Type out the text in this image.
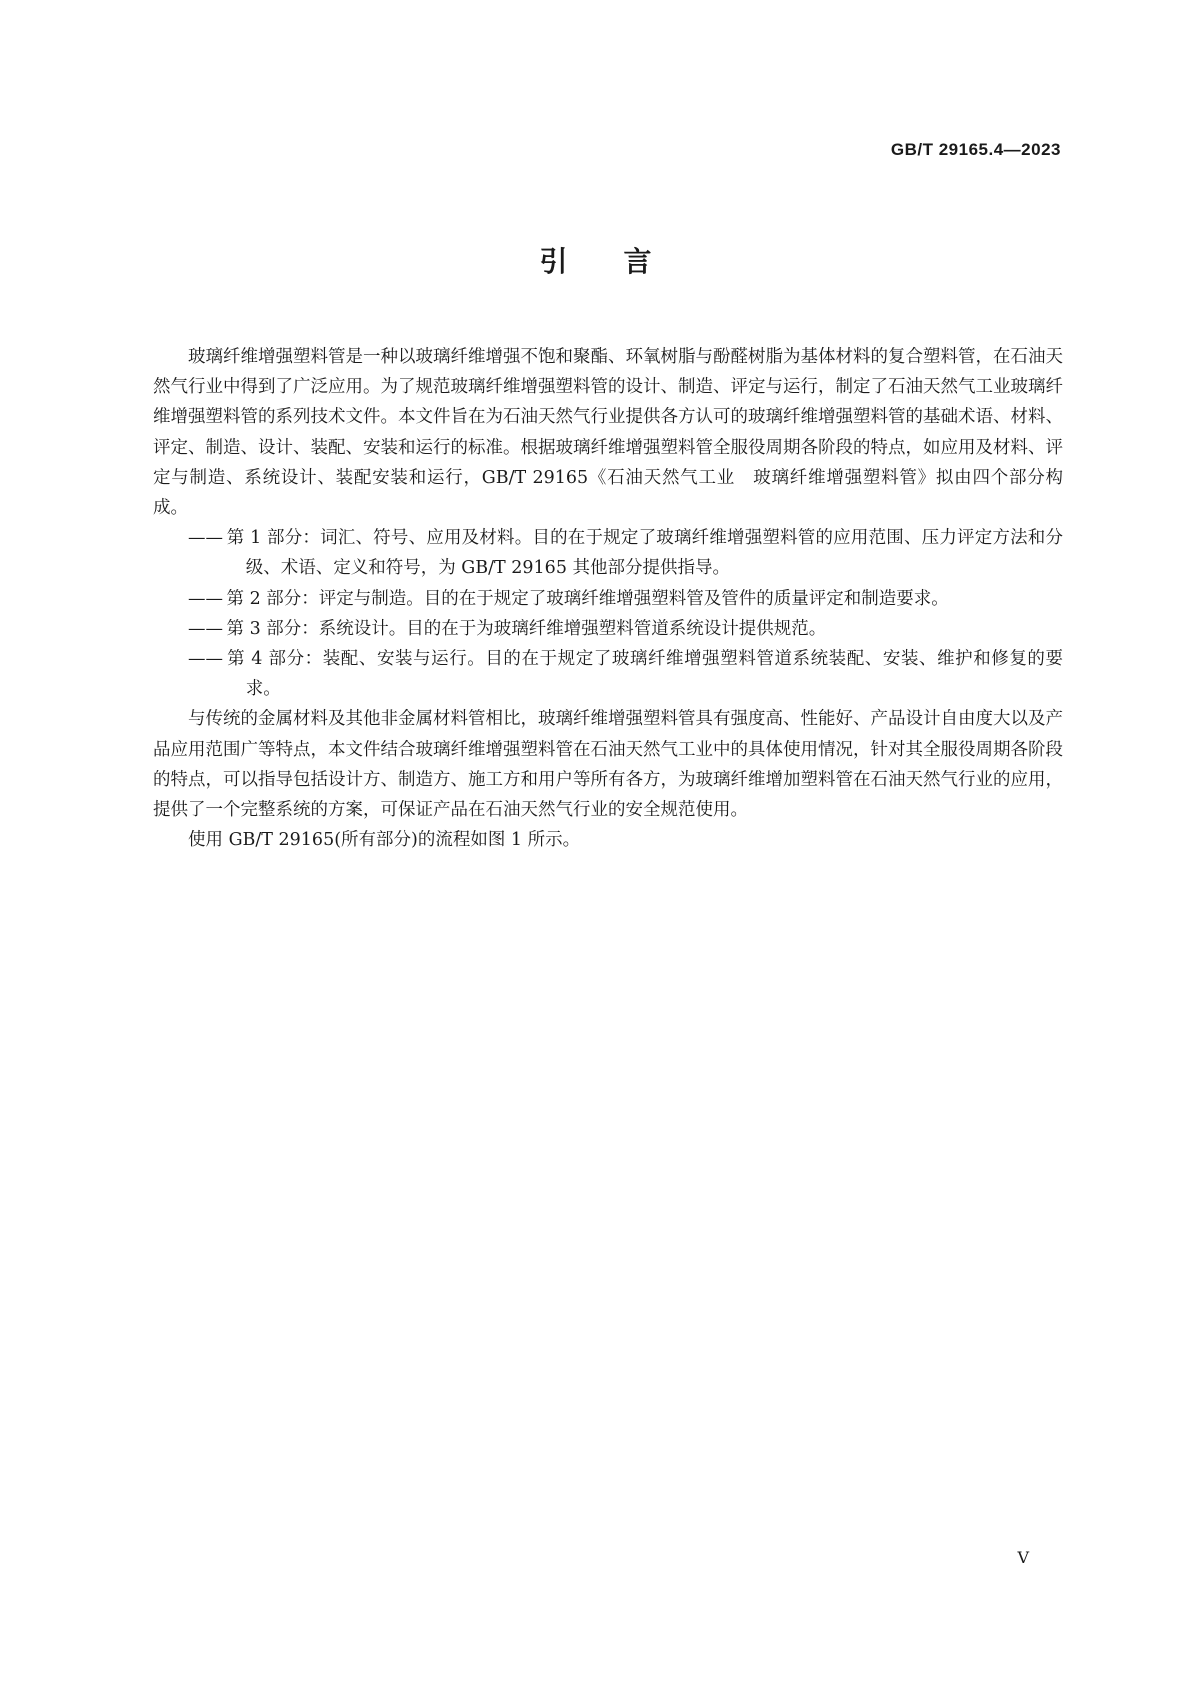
GB/T 29165.4—2023
引言

玻璃纤维增强塑料管是一种以玻璃纤维增强不饱和聚酯、环氧树脂与酚醛树脂为基体材料的复合塑料管，在石油天然气行业中得到了广泛应用。为了规范玻璃纤维增强塑料管的设计、制造、评定与运行，制定了石油天然气工业玻璃纤维增强塑料管的系列技术文件。本文件旨在为石油天然气行业提供各方认可的玻璃纤维增强塑料管的基础术语、材料、评定、制造、设计、装配、安装和运行的标准。根据玻璃纤维增强塑料管全服役周期各阶段的特点，如应用及材料、评定与制造、系统设计、装配安装和运行，GB/T 29165《石油天然气工业　玻璃纤维增强塑料管》拟由四个部分构成。

—— 第 1 部分：词汇、符号、应用及材料。目的在于规定了玻璃纤维增强塑料管的应用范围、压力评定方法和分级、术语、定义和符号，为 GB/T 29165 其他部分提供指导。

—— 第 2 部分：评定与制造。目的在于规定了玻璃纤维增强塑料管及管件的质量评定和制造要求。

—— 第 3 部分：系统设计。目的在于为玻璃纤维增强塑料管道系统设计提供规范。

—— 第 4 部分：装配、安装与运行。目的在于规定了玻璃纤维增强塑料管道系统装配、安装、维护和修复的要求。

与传统的金属材料及其他非金属材料管相比，玻璃纤维增强塑料管具有强度高、性能好、产品设计自由度大以及产品应用范围广等特点，本文件结合玻璃纤维增强塑料管在石油天然气工业中的具体使用情况，针对其全服役周期各阶段的特点，可以指导包括设计方、制造方、施工方和用户等所有各方，为玻璃纤维增加塑料管在石油天然气行业的应用，提供了一个完整系统的方案，可保证产品在石油天然气行业的安全规范使用。

使用 GB/T 29165(所有部分)的流程如图 1 所示。

V
